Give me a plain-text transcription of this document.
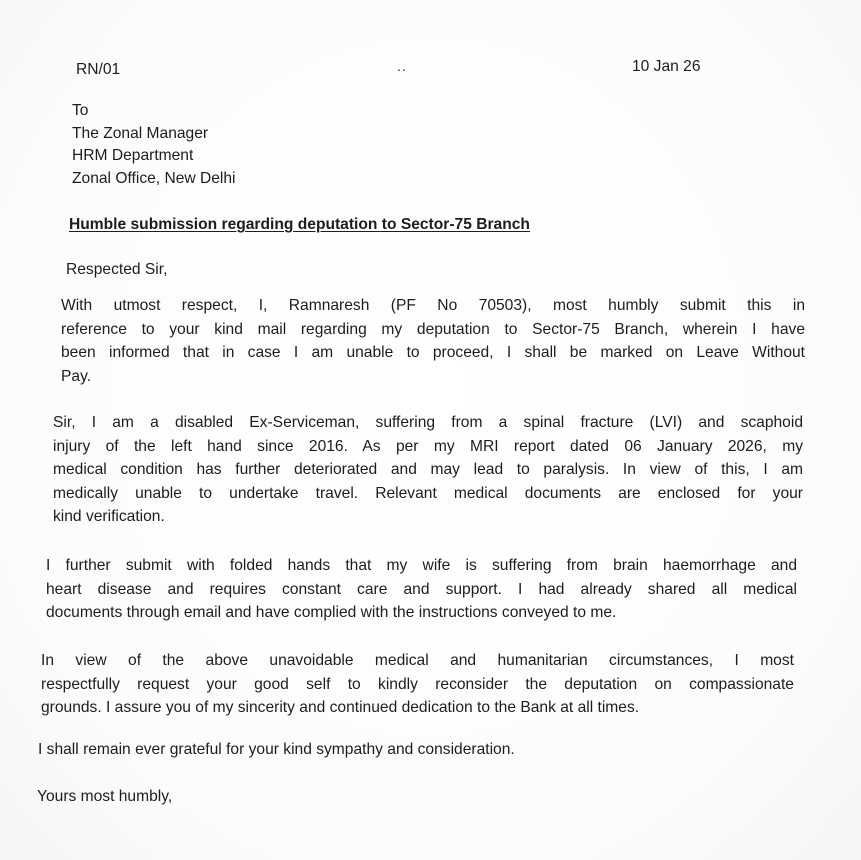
RN/01	..	10 Jan 26
To
The Zonal Manager
HRM Department
Zonal Office, New Delhi
Humble submission regarding deputation to Sector-75 Branch
Respected Sir,
With utmost respect, I, Ramnaresh (PF No 70503), most humbly submit this in
reference to your kind mail regarding my deputation to Sector-75 Branch, wherein I have
been informed that in case I am unable to proceed, I shall be marked on Leave Without
Pay.
Sir, I am a disabled Ex-Serviceman, suffering from a spinal fracture (LVI) and scaphoid
injury of the left hand since 2016. As per my MRI report dated 06 January 2026, my
medical condition has further deteriorated and may lead to paralysis. In view of this, I am
medically unable to undertake travel. Relevant medical documents are enclosed for your
kind verification.
I further submit with folded hands that my wife is suffering from brain haemorrhage and
heart disease and requires constant care and support. I had already shared all medical
documents through email and have complied with the instructions conveyed to me.
In view of the above unavoidable medical and humanitarian circumstances, I most
respectfully request your good self to kindly reconsider the deputation on compassionate
grounds. I assure you of my sincerity and continued dedication to the Bank at all times.
I shall remain ever grateful for your kind sympathy and consideration.
Yours most humbly,
